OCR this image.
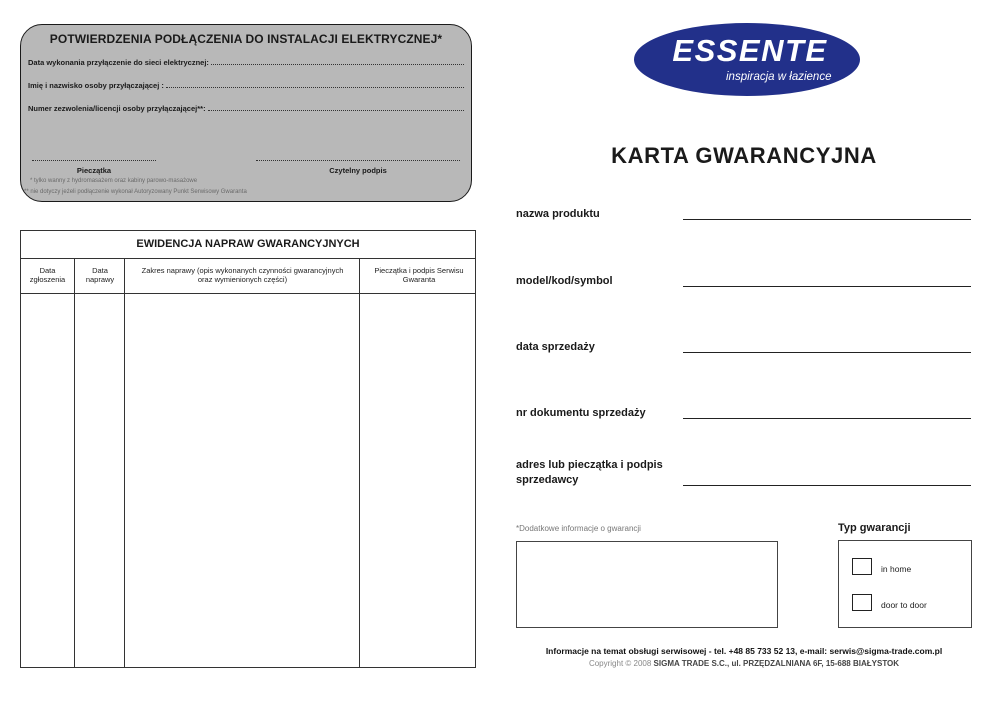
POTWIERDZENIA PODŁĄCZENIA DO INSTALACJI ELEKTRYCZNEJ*
Data wykonania przyłączenie do sieci elektrycznej:
Imię i nazwisko osoby przyłączającej :
Numer zezwolenia/licencji osoby przyłączającej**:
Pieczątka	Czytelny podpis
* tylko wanny z hydromasażem oraz kabiny parowo-masażowe
** nie dotyczy jeżeli podłączenie wykonał Autoryzowany Punkt Serwisowy Gwaranta
EWIDENCJA NAPRAW GWARANCYJNYCH
Data zgłoszenia
Data naprawy
Zakres naprawy (opis wykonanych czynności gwarancyjnych oraz wymienionych części)
Pieczątka i podpis Serwisu Gwaranta
ESSENTE
inspiracja w łazience
KARTA GWARANCYJNA
nazwa produktu
model/kod/symbol
data sprzedaży
nr dokumentu sprzedaży
adres lub pieczątka i podpis sprzedawcy
*Dodatkowe informacje o gwarancji	Typ gwarancji
in home
door to door
Informacje na temat obsługi serwisowej - tel. +48 85 733 52 13, e-mail: serwis@sigma-trade.com.pl
Copyright © 2008 SIGMA TRADE S.C., ul. PRZĘDZALNIANA 6F, 15-688 BIAŁYSTOK
